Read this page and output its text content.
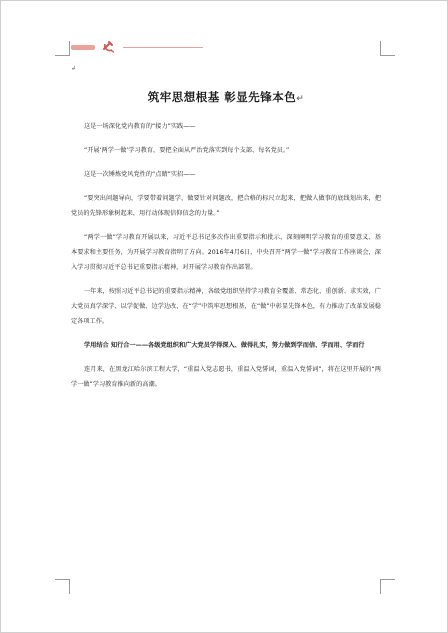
↲
筑牢思想根基 彰显先锋本色↵

这是一场深化党内教育的“接力”实践——

“开展‘两学一做’学习教育，要把全面从严治党落实到每个支部、每名党员。”

这是一次锤炼党风党性的“点睛”实招——

“要突出问题导向，学要带着问题学，做要针对问题改，把合格的标尺立起来，把做人做事的底线划出来，把党员的先锋形象树起来，用行动体现信仰信念的力量。”

“两学一做”学习教育开展以来，习近平总书记多次作出重要指示和批示，深刻阐明学习教育的重要意义、基本要求和主要任务，为开展学习教育指明了方向。2016年4月6日，中央召开“两学一做”学习教育工作座谈会，深入学习贯彻习近平总书记重要指示精神，对开展学习教育作出部署。

一年来，按照习近平总书记的重要指示精神，各级党组织坚持学习教育全覆盖、常态化、重创新、求实效，广大党员真学深学、以学促做、边学边改，在“学”中筑牢思想根基，在“做”中彰显先锋本色，有力推动了改革发展稳定各项工作。

学用结合 知行合一——各级党组织和广大党员学得深入、做得扎实，努力做到学而信、学而用、学而行

连月来，在黑龙江哈尔滨工程大学，“重温入党志愿书，重温入党誓词，重温入党誓词”，将在这里开展的“两学一做”学习教育推向新的高潮。
